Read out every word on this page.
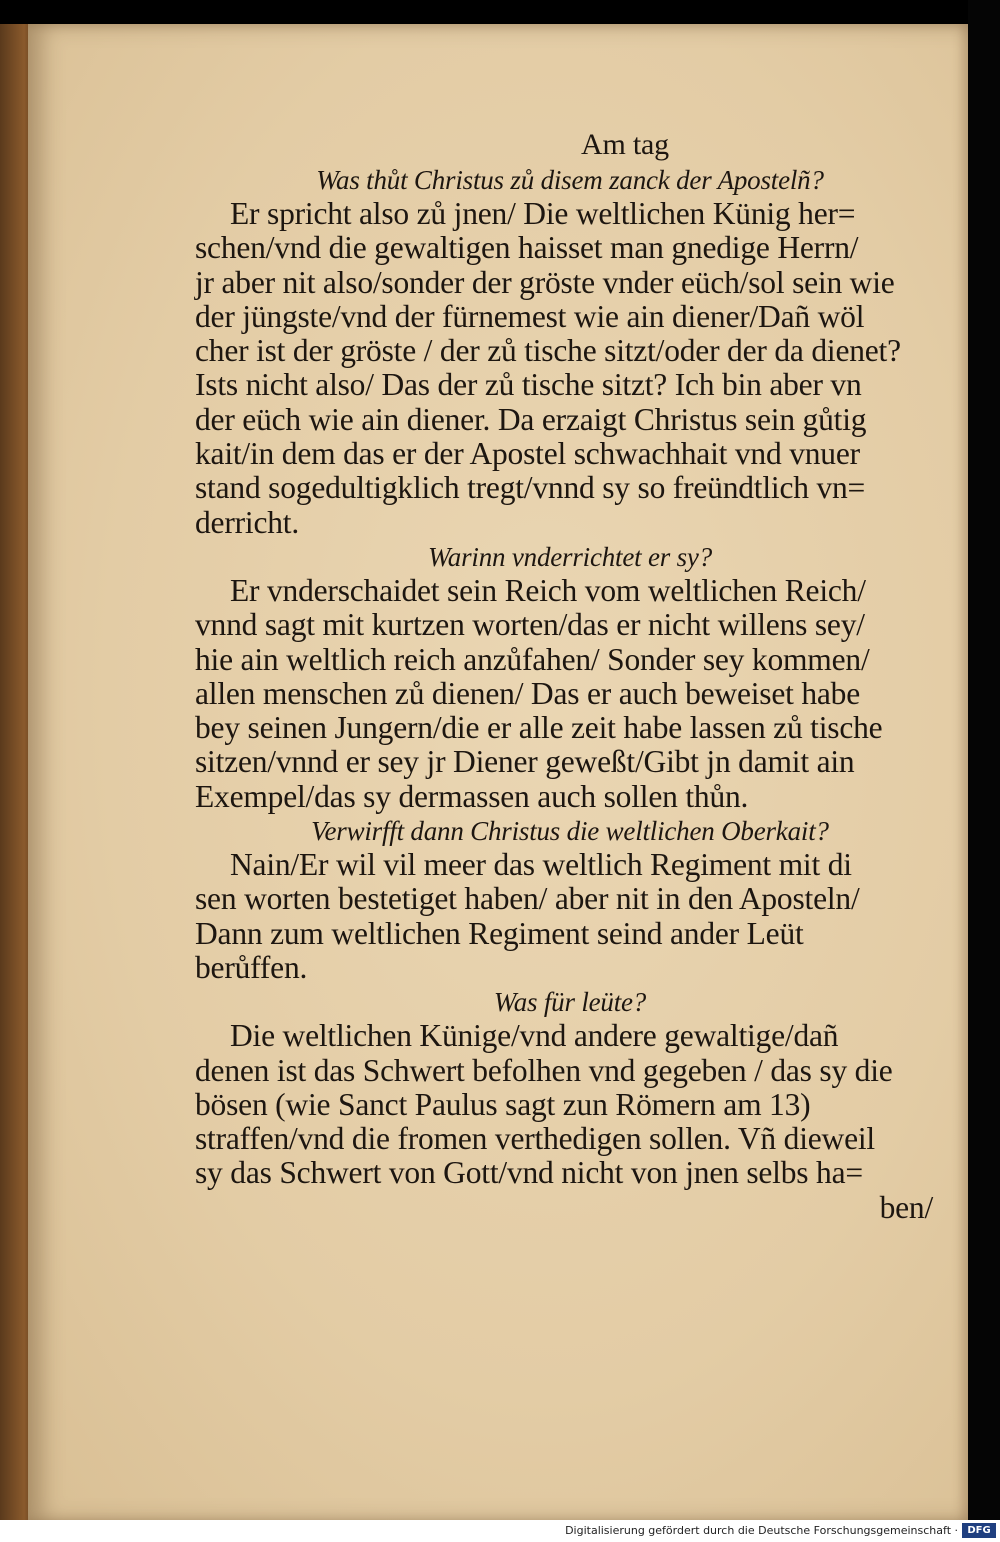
Am tag
Was thůt Christus zů disem zanck der Apostelñ?
Er spricht also zů jnen/ Die weltlichen Künig her=
schen/vnd die gewaltigen haisset man gnedige Herrn/
jr aber nit also/sonder der gröste vnder eüch/sol sein wie
der jüngste/vnd der fürnemest wie ain diener/Dañ wöl
cher ist der gröste / der zů tische sitzt/oder der da dienet?
Ists nicht also/ Das der zů tische sitzt? Ich bin aber vn
der eüch wie ain diener. Da erzaigt Christus sein gůtig
kait/in dem das er der Apostel schwachhait vnd vnuer
stand sogedultigklich tregt/vnnd sy so freündtlich vn=
derricht.
Warinn vnderrichtet er sy?
Er vnderschaidet sein Reich vom weltlichen Reich/
vnnd sagt mit kurtzen worten/das er nicht willens sey/
hie ain weltlich reich anzůfahen/ Sonder sey kommen/
allen menschen zů dienen/ Das er auch beweiset habe
bey seinen Jungern/die er alle zeit habe lassen zů tische
sitzen/vnnd er sey jr Diener geweßt/Gibt jn damit ain
Exempel/das sy dermassen auch sollen thůn.
Verwirfft dann Christus die weltlichen Oberkait?
Nain/Er wil vil meer das weltlich Regiment mit di
sen worten bestetiget haben/ aber nit in den Aposteln/
Dann zum weltlichen Regiment seind ander Leüt
berůffen.
Was für leüte?
Die weltlichen Künige/vnd andere gewaltige/dañ
denen ist das Schwert befolhen vnd gegeben / das sy die
bösen (wie Sanct Paulus sagt zun Römern am 13)
straffen/vnd die fromen verthedigen sollen. Vñ dieweil
sy das Schwert von Gott/vnd nicht von jnen selbs ha=
ben/
Digitalisierung gefördert durch die Deutsche Forschungsgemeinschaft · DFG
